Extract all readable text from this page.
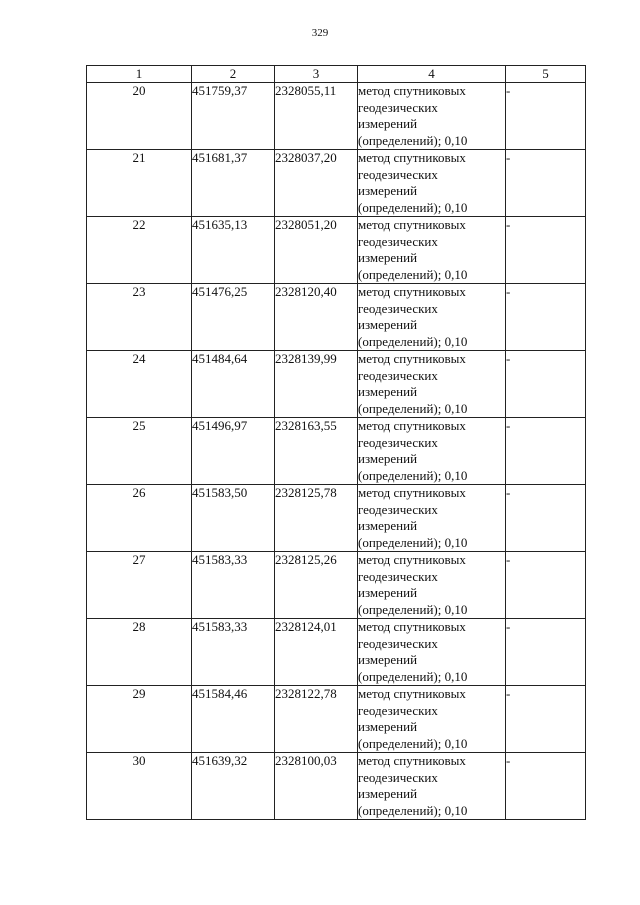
329
1	2	3	4	5
20	451759,37	2328055,11	метод спутниковых
геодезических
измерений
(определений); 0,10	-
21	451681,37	2328037,20	метод спутниковых
геодезических
измерений
(определений); 0,10	-
22	451635,13	2328051,20	метод спутниковых
геодезических
измерений
(определений); 0,10	-
23	451476,25	2328120,40	метод спутниковых
геодезических
измерений
(определений); 0,10	-
24	451484,64	2328139,99	метод спутниковых
геодезических
измерений
(определений); 0,10	-
25	451496,97	2328163,55	метод спутниковых
геодезических
измерений
(определений); 0,10	-
26	451583,50	2328125,78	метод спутниковых
геодезических
измерений
(определений); 0,10	-
27	451583,33	2328125,26	метод спутниковых
геодезических
измерений
(определений); 0,10	-
28	451583,33	2328124,01	метод спутниковых
геодезических
измерений
(определений); 0,10	-
29	451584,46	2328122,78	метод спутниковых
геодезических
измерений
(определений); 0,10	-
30	451639,32	2328100,03	метод спутниковых
геодезических
измерений
(определений); 0,10	-
